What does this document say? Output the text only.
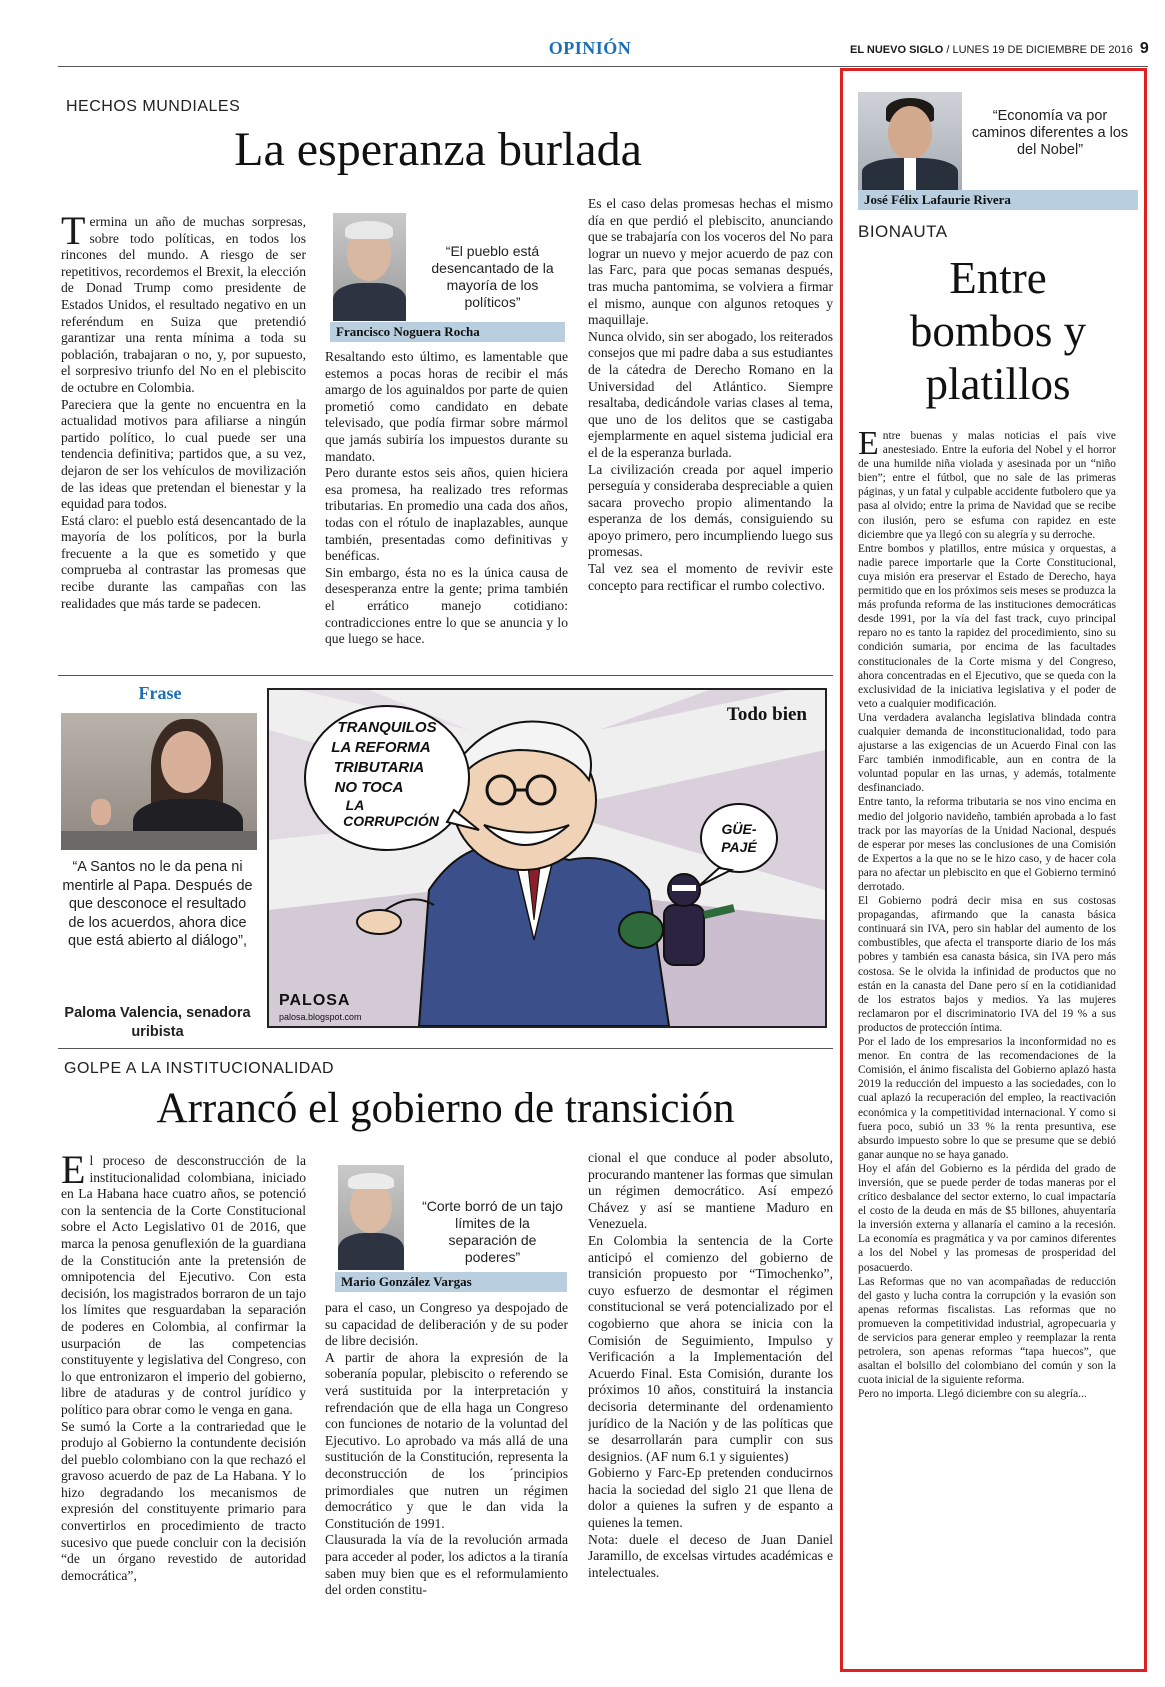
OPINIÓN	EL NUEVO SIGLO / LUNES 19 DE DICIEMBRE DE 2016 9
HECHOS MUNDIALES
La esperanza burlada

Termina un año de muchas sorpresas, sobre todo políticas, en todos los rincones del mundo. A riesgo de ser repetitivos, recordemos el Brexit, la elección de Donad Trump como presidente de Estados Unidos, el resultado negativo en un referéndum en Suiza que pretendió garantizar una renta mínima a toda su población, trabajaran o no, y, por supuesto, el sorpresivo triunfo del No en el plebiscito de octubre en Colombia.

Pareciera que la gente no encuentra en la actualidad motivos para afiliarse a ningún partido político, lo cual puede ser una tendencia definitiva; partidos que, a su vez, dejaron de ser los vehículos de movilización de las ideas que pretendan el bienestar y la equidad para todos.

Está claro: el pueblo está desencantado de la mayoría de los políticos, por la burla frecuente a la que es sometido y que comprueba al contrastar las promesas que recibe durante las campañas con las realidades que más tarde se padecen.

“El pueblo está desencantado de la mayoría de los políticos”
Francisco Noguera Rocha

Resaltando esto último, es lamentable que estemos a pocas horas de recibir el más amargo de los aguinaldos por parte de quien prometió como candidato en debate televisado, que podía firmar sobre mármol que jamás subiría los impuestos durante su mandato.

Pero durante estos seis años, quien hiciera esa promesa, ha realizado tres reformas tributarias. En promedio una cada dos años, todas con el rótulo de inaplazables, aunque también, presentadas como definitivas y benéficas.

Sin embargo, ésta no es la única causa de desesperanza entre la gente; prima también el errático manejo cotidiano: contradicciones entre lo que se anuncia y lo que luego se hace.

Es el caso delas promesas hechas el mismo día en que perdió el plebiscito, anunciando que se trabajaría con los voceros del No para lograr un nuevo y mejor acuerdo de paz con las Farc, para que pocas semanas después, tras mucha pantomima, se volviera a firmar el mismo, aunque con algunos retoques y maquillaje.

Nunca olvido, sin ser abogado, los reiterados consejos que mi padre daba a sus estudiantes de la cátedra de Derecho Romano en la Universidad del Atlántico. Siempre resaltaba, dedicándole varias clases al tema, que uno de los delitos que se castigaba ejemplarmente en aquel sistema judicial era el de la esperanza burlada.

La civilización creada por aquel imperio perseguía y consideraba despreciable a quien sacara provecho propio alimentando la esperanza de los demás, consiguiendo su apoyo primero, pero incumpliendo luego sus promesas.

Tal vez sea el momento de revivir este concepto para rectificar el rumbo colectivo.

Frase
“A Santos no le da pena ni mentirle al Papa. Después de que desconoce el resultado de los acuerdos, ahora dice que está abierto al diálogo”,
Paloma Valencia, senadora uribista
TRANQUILOS
LA REFORMA
TRIBUTARIA
NO TOCA
LA
CORRUPCIÓN	GÜE-
PAJÉ
Todo bien
PALOSA
palosa.blogspot.com
GOLPE A LA INSTITUCIONALIDAD
Arrancó el gobierno de transición

El proceso de desconstrucción de la institucionalidad colombiana, iniciado en La Habana hace cuatro años, se potenció con la sentencia de la Corte Constitucional sobre el Acto Legislativo 01 de 2016, que marca la penosa genuflexión de la guardiana de la Constitución ante la pretensión de omnipotencia del Ejecutivo. Con esta decisión, los magistrados borraron de un tajo los límites que resguardaban la separación de poderes en Colombia, al confirmar la usurpación de las competencias constituyente y legislativa del Congreso, con lo que entronizaron el imperio del gobierno, libre de ataduras y de control jurídico y político para obrar como le venga en gana.

Se sumó la Corte a la contrariedad que le produjo al Gobierno la contundente decisión del pueblo colombiano con la que rechazó el gravoso acuerdo de paz de La Habana. Y lo hizo degradando los mecanismos de expresión del constituyente primario para convertirlos en procedimiento de tracto sucesivo que puede concluir con la decisión “de un órgano revestido de autoridad democrática”,

“Corte borró de un tajo límites de la separación de poderes”
Mario González Vargas

para el caso, un Congreso ya despojado de su capacidad de deliberación y de su poder de libre decisión.

A partir de ahora la expresión de la soberanía popular, plebiscito o referendo se verá sustituida por la interpretación y refrendación que de ella haga un Congreso con funciones de notario de la voluntad del Ejecutivo. Lo aprobado va más allá de una sustitución de la Constitución, representa la deconstrucción de los ´principios primordiales que nutren un régimen democrático y que le dan vida la Constitución de 1991.

Clausurada la vía de la revolución armada para acceder al poder, los adictos a la tiranía saben muy bien que es el reformulamiento del orden constitu-

cional el que conduce al poder absoluto, procurando mantener las formas que simulan un régimen democrático. Así empezó Chávez y así se mantiene Maduro en Venezuela.

En Colombia la sentencia de la Corte anticipó el comienzo del gobierno de transición propuesto por “Timochenko”, cuyo esfuerzo de desmontar el régimen constitucional se verá potencializado por el cogobierno que ahora se inicia con la Comisión de Seguimiento, Impulso y Verificación a la Implementación del Acuerdo Final. Esta Comisión, durante los próximos 10 años, constituirá la instancia decisoria determinante del ordenamiento jurídico de la Nación y de las políticas que se desarrollarán para cumplir con sus designios. (AF num 6.1 y siguientes)

Gobierno y Farc-Ep pretenden conducirnos hacia la sociedad del siglo 21 que llena de dolor a quienes la sufren y de espanto a quienes la temen.

Nota: duele el deceso de Juan Daniel Jaramillo, de excelsas virtudes académicas e intelectuales.

“Economía va por caminos diferentes a los del Nobel”
José Félix Lafaurie Rivera
BIONAUTA
Entre
bombos y
platillos

Entre buenas y malas noticias el país vive anestesiado. Entre la euforia del Nobel y el horror de una humilde niña violada y asesinada por un “niño bien”; entre el fútbol, que no sale de las primeras páginas, y un fatal y culpable accidente futbolero que ya pasa al olvido; entre la prima de Navidad que se recibe con ilusión, pero se esfuma con rapidez en este diciembre que ya llegó con su alegría y su derroche.

Entre bombos y platillos, entre música y orquestas, a nadie parece importarle que la Corte Constitucional, cuya misión era preservar el Estado de Derecho, haya permitido que en los próximos seis meses se produzca la más profunda reforma de las instituciones democráticas desde 1991, por la vía del fast track, cuyo principal reparo no es tanto la rapidez del procedimiento, sino su condición sumaria, por encima de las facultades constitucionales de la Corte misma y del Congreso, ahora concentradas en el Ejecutivo, que se queda con la exclusividad de la iniciativa legislativa y el poder de veto a cualquier modificación.

Una verdadera avalancha legislativa blindada contra cualquier demanda de inconstitucionalidad, todo para ajustarse a las exigencias de un Acuerdo Final con las Farc también inmodificable, aun en contra de la voluntad popular en las urnas, y además, totalmente desfinanciado.

Entre tanto, la reforma tributaria se nos vino encima en medio del jolgorio navideño, también aprobada a lo fast track por las mayorías de la Unidad Nacional, después de esperar por meses las conclusiones de una Comisión de Expertos a la que no se le hizo caso, y de hacer cola para no afectar un plebiscito en que el Gobierno terminó derrotado.

El Gobierno podrá decir misa en sus costosas propagandas, afirmando que la canasta básica continuará sin IVA, pero sin hablar del aumento de los combustibles, que afecta el transporte diario de los más pobres y también esa canasta básica, sin IVA pero más costosa. Se le olvida la infinidad de productos que no están en la canasta del Dane pero sí en la cotidianidad de los estratos bajos y medios. Ya las mujeres reclamaron por el discriminatorio IVA del 19 % a sus productos de protección íntima.

Por el lado de los empresarios la inconformidad no es menor. En contra de las recomendaciones de la Comisión, el ánimo fiscalista del Gobierno aplazó hasta 2019 la reducción del impuesto a las sociedades, con lo cual aplazó la recuperación del empleo, la reactivación económica y la competitividad internacional. Y como si fuera poco, subió un 33 % la renta presuntiva, ese absurdo impuesto sobre lo que se presume que se debió ganar aunque no se haya ganado.

Hoy el afán del Gobierno es la pérdida del grado de inversión, que se puede perder de todas maneras por el crítico desbalance del sector externo, lo cual impactaría el costo de la deuda en más de $5 billones, ahuyentaría la inversión externa y allanaría el camino a la recesión. La economía es pragmática y va por caminos diferentes a los del Nobel y las promesas de prosperidad del posacuerdo.

Las Reformas que no van acompañadas de reducción del gasto y lucha contra la corrupción y la evasión son apenas reformas fiscalistas. Las reformas que no promueven la competitividad industrial, agropecuaria y de servicios para generar empleo y reemplazar la renta petrolera, son apenas reformas “tapa huecos”, que asaltan el bolsillo del colombiano del común y son la cuota inicial de la siguiente reforma.

Pero no importa. Llegó diciembre con su alegría...
